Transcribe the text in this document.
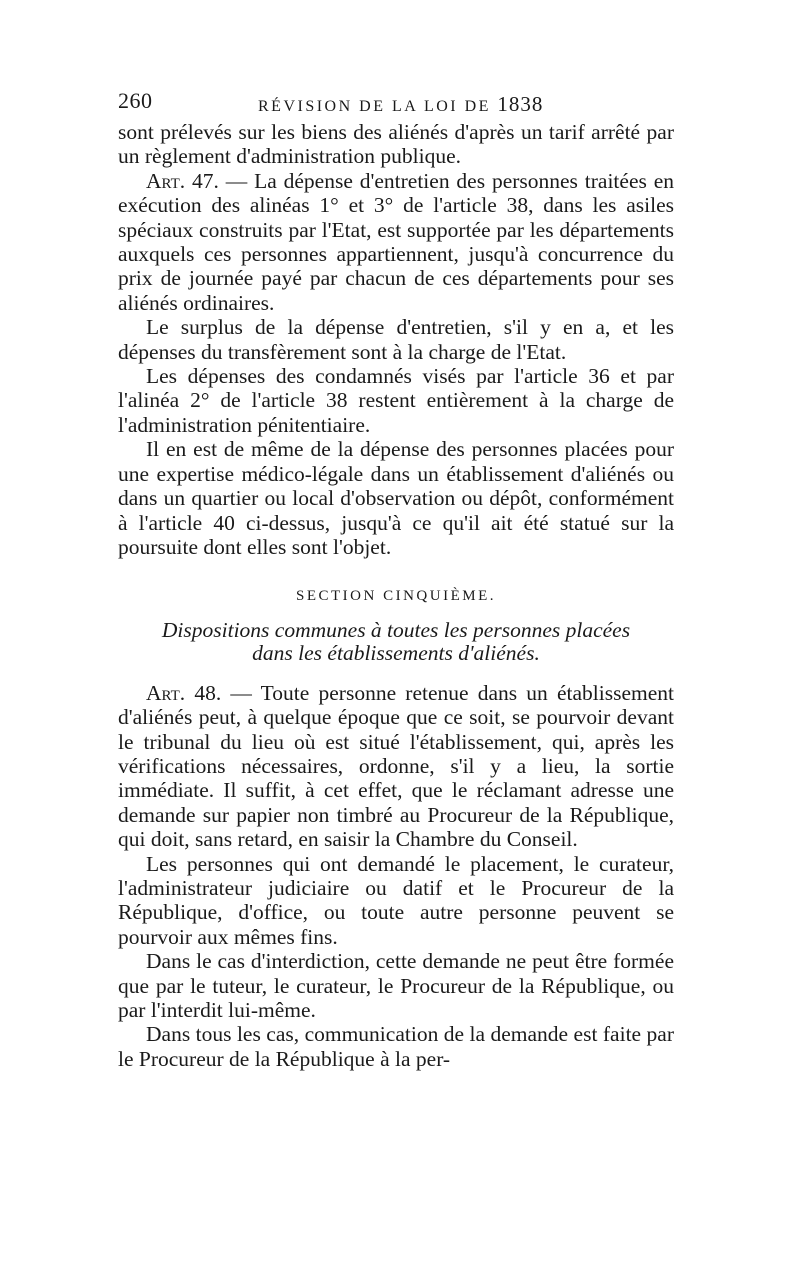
260	RÉVISION DE LA LOI DE 1838

sont prélevés sur les biens des aliénés d'après un tarif arrêté par un règlement d'administration publique.

Art. 47. — La dépense d'entretien des personnes traitées en exécution des alinéas 1° et 3° de l'article 38, dans les asiles spéciaux construits par l'Etat, est supportée par les départements auxquels ces personnes appartiennent, jusqu'à concurrence du prix de journée payé par chacun de ces départements pour ses aliénés ordinaires.

Le surplus de la dépense d'entretien, s'il y en a, et les dépenses du transfèrement sont à la charge de l'Etat.

Les dépenses des condamnés visés par l'article 36 et par l'alinéa 2° de l'article 38 restent entièrement à la charge de l'administration pénitentiaire.

Il en est de même de la dépense des personnes placées pour une expertise médico-légale dans un établissement d'aliénés ou dans un quartier ou local d'observation ou dépôt, conformément à l'article 40 ci-dessus, jusqu'à ce qu'il ait été statué sur la poursuite dont elles sont l'objet.

SECTION CINQUIÈME.
Dispositions communes à toutes les personnes placées
dans les établissements d'aliénés.

Art. 48. — Toute personne retenue dans un établissement d'aliénés peut, à quelque époque que ce soit, se pourvoir devant le tribunal du lieu où est situé l'établissement, qui, après les vérifications nécessaires, ordonne, s'il y a lieu, la sortie immédiate. Il suffit, à cet effet, que le réclamant adresse une demande sur papier non timbré au Procureur de la République, qui doit, sans retard, en saisir la Chambre du Conseil.

Les personnes qui ont demandé le placement, le curateur, l'administrateur judiciaire ou datif et le Procureur de la République, d'office, ou toute autre personne peuvent se pourvoir aux mêmes fins.

Dans le cas d'interdiction, cette demande ne peut être formée que par le tuteur, le curateur, le Procureur de la République, ou par l'interdit lui-même.

Dans tous les cas, communication de la demande est faite par le Procureur de la République à la per-
